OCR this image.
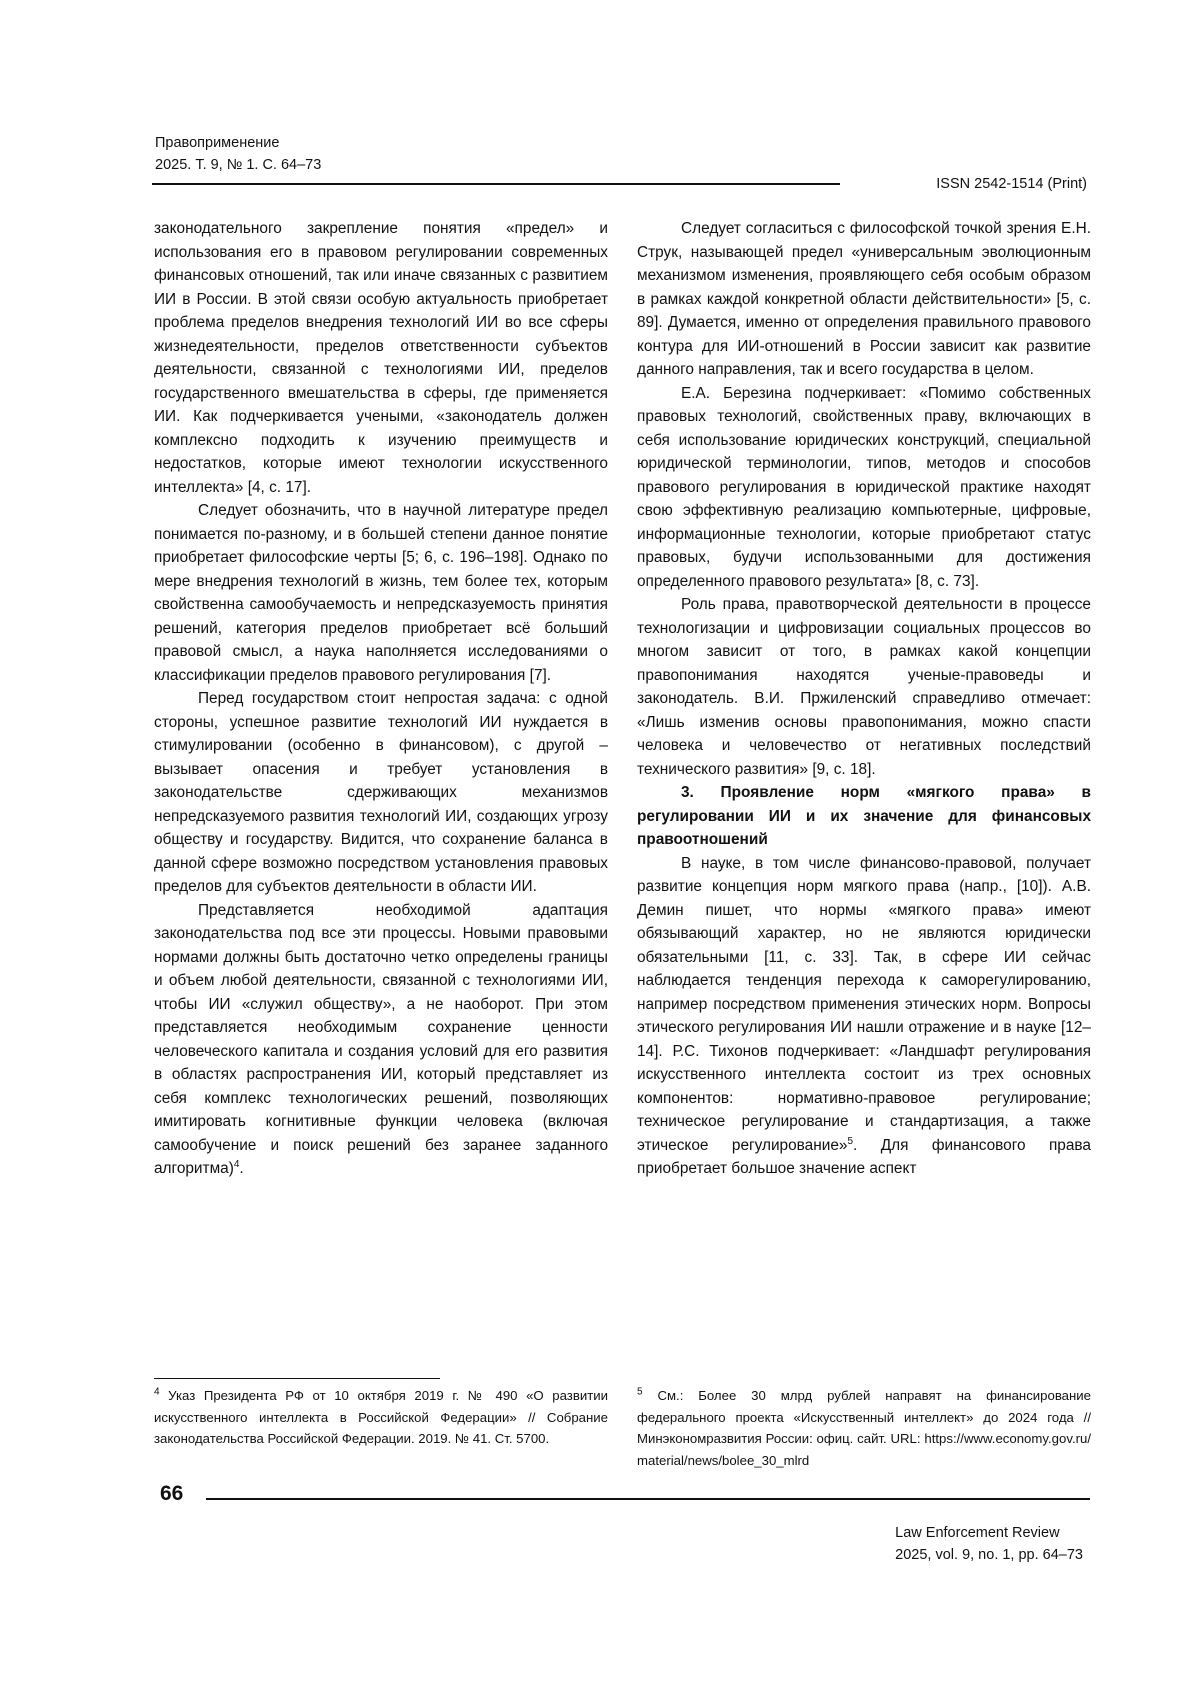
Правоприменение
2025. Т. 9, № 1. С. 64–73
ISSN 2542-1514 (Print)

законодательного закрепление понятия «предел» и использования его в правовом регулировании современных финансовых отношений, так или иначе связанных с развитием ИИ в России. В этой связи особую актуальность приобретает проблема пределов внедрения технологий ИИ во все сферы жизнедеятельности, пределов ответственности субъектов деятельности, связанной с технологиями ИИ, пределов государственного вмешательства в сферы, где применяется ИИ. Как подчеркивается учеными, «законодатель должен комплексно подходить к изучению преимуществ и недостатков, которые имеют технологии искусственного интеллекта» [4, с. 17].

Следует обозначить, что в научной литературе предел понимается по-разному, и в большей степени данное понятие приобретает философские черты [5; 6, с. 196–198]. Однако по мере внедрения технологий в жизнь, тем более тех, которым свойственна самообучаемость и непредсказуемость принятия решений, категория пределов приобретает всё больший правовой смысл, а наука наполняется исследованиями о классификации пределов правового регулирования [7].

Перед государством стоит непростая задача: с одной стороны, успешное развитие технологий ИИ нуждается в стимулировании (особенно в финансовом), с другой – вызывает опасения и требует установления в законодательстве сдерживающих механизмов непредсказуемого развития технологий ИИ, создающих угрозу обществу и государству. Видится, что сохранение баланса в данной сфере возможно посредством установления правовых пределов для субъектов деятельности в области ИИ.

Представляется необходимой адаптация законодательства под все эти процессы. Новыми правовыми нормами должны быть достаточно четко определены границы и объем любой деятельности, связанной с технологиями ИИ, чтобы ИИ «служил обществу», а не наоборот. При этом представляется необходимым сохранение ценности человеческого капитала и создания условий для его развития в областях распространения ИИ, который представляет из себя комплекс технологических решений, позволяющих имитировать когнитивные функции человека (включая самообучение и поиск решений без заранее заданного алгоритма)$^4$.

Следует согласиться с философской точкой зрения Е.Н. Струк, называющей предел «универсальным эволюционным механизмом изменения, проявляющего себя особым образом в рамках каждой конкретной области действительности» [5, с. 89]. Думается, именно от определения правильного правового контура для ИИ-отношений в России зависит как развитие данного направления, так и всего государства в целом.

Е.А. Березина подчеркивает: «Помимо собственных правовых технологий, свойственных праву, включающих в себя использование юридических конструкций, специальной юридической терминологии, типов, методов и способов правового регулирования в юридической практике находят свою эффективную реализацию компьютерные, цифровые, информационные технологии, которые приобретают статус правовых, будучи использованными для достижения определенного правового результата» [8, с. 73].

Роль права, правотворческой деятельности в процессе технологизации и цифровизации социальных процессов во многом зависит от того, в рамках какой концепции правопонимания находятся ученые-правоведы и законодатель. В.И. Пржиленский справедливо отмечает: «Лишь изменив основы правопонимания, можно спасти человека и человечество от негативных последствий технического развития» [9, с. 18].

3. Проявление норм «мягкого права» в регулировании ИИ и их значение для финансовых правоотношений

В науке, в том числе финансово-правовой, получает развитие концепция норм мягкого права (напр., [10]). А.В. Демин пишет, что нормы «мягкого права» имеют обязывающий характер, но не являются юридически обязательными [11, с. 33]. Так, в сфере ИИ сейчас наблюдается тенденция перехода к саморегулированию, например посредством применения этических норм. Вопросы этического регулирования ИИ нашли отражение и в науке [12–14]. Р.С. Тихонов подчеркивает: «Ландшафт регулирования искусственного интеллекта состоит из трех основных компонентов: нормативно-правовое регулирование; техническое регулирование и стандартизация, а также этическое регулирование»$^5$. Для финансового права приобретает большое значение аспект

$^4$ Указ Президента РФ от 10 октября 2019 г. № 490 «О развитии искусственного интеллекта в Российской Федерации» // Собрание законодательства Российской Федерации. 2019. № 41. Ст. 5700.
$^5$ См.: Более 30 млрд рублей направят на финансирование федерального проекта «Искусственный интеллект» до 2024 года // Минэкономразвития России: офиц. сайт. URL: https://www.economy.gov.ru/material/news/bolee_30_mlrd
66
Law Enforcement Review
2025, vol. 9, no. 1, pp. 64–73
